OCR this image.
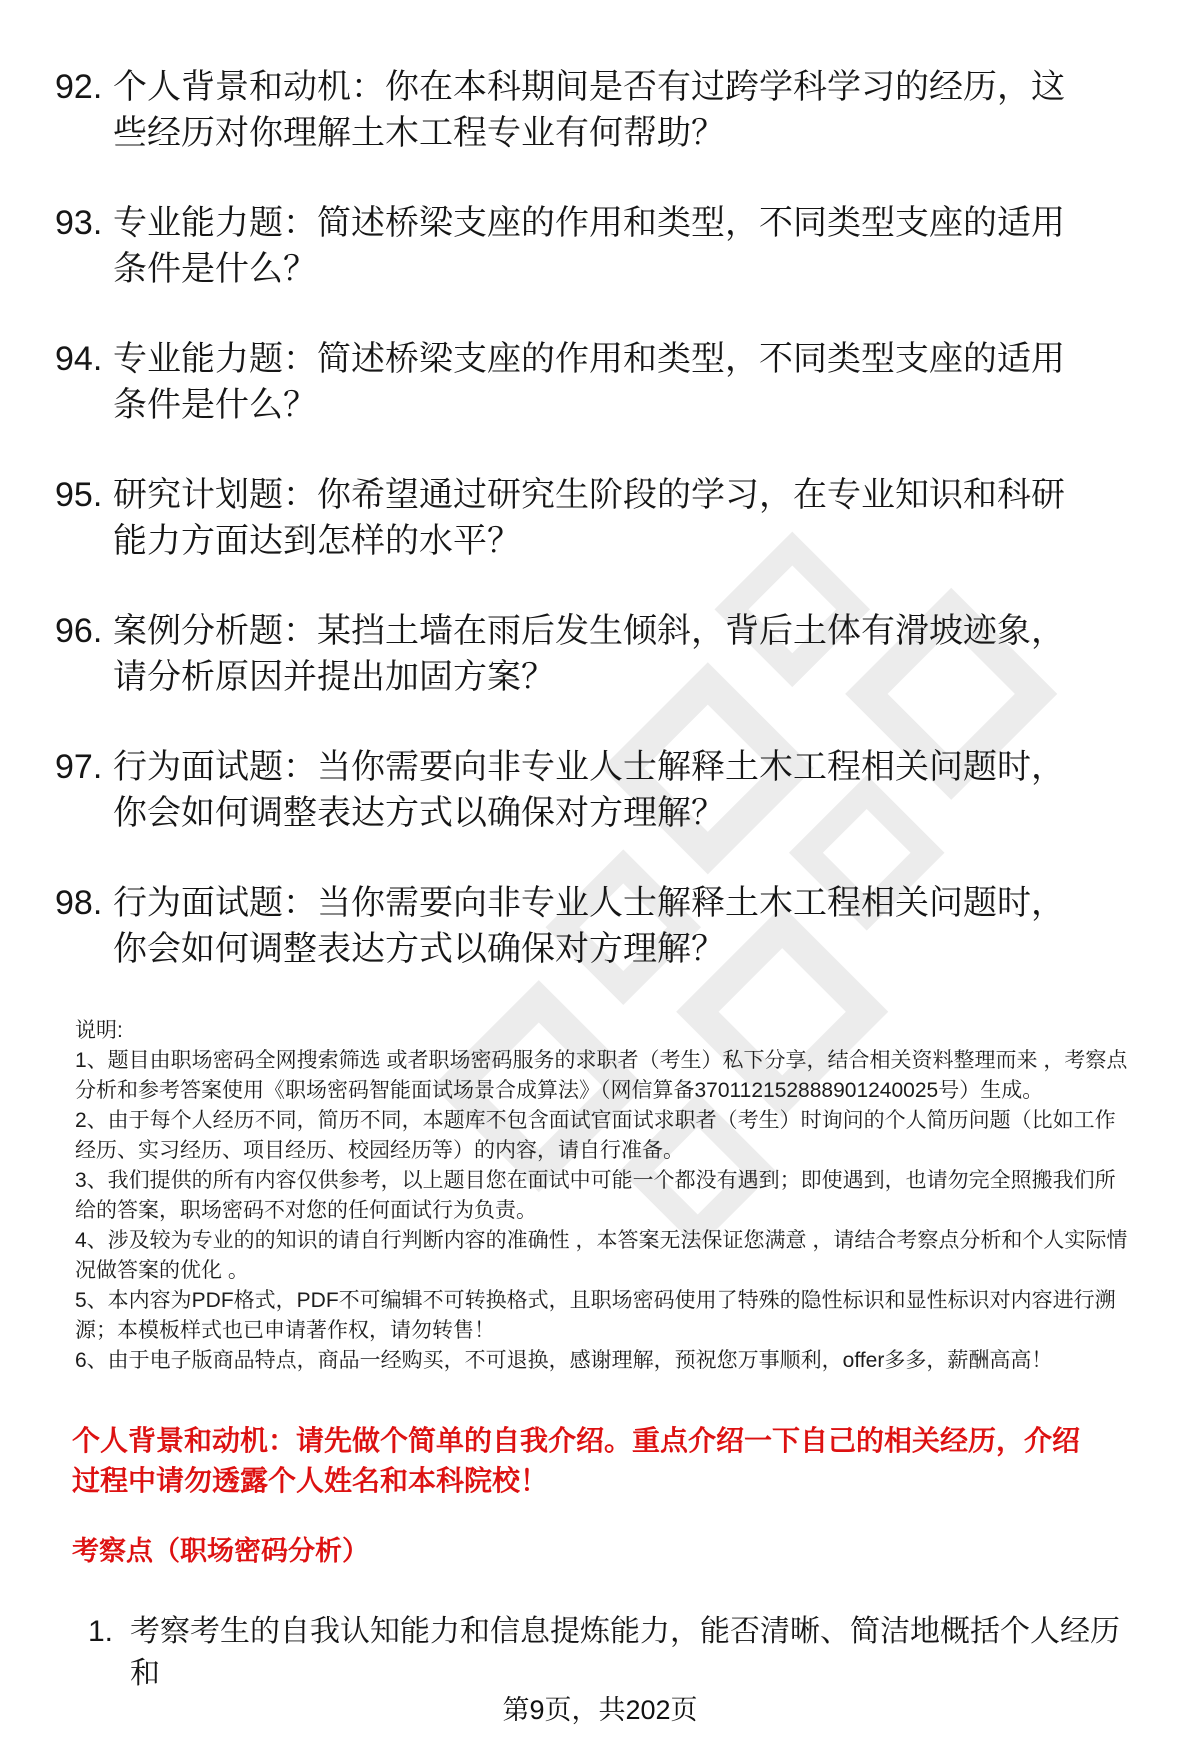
92. 个人背景和动机：你在本科期间是否有过跨学科学习的经历，这
些经历对你理解土木工程专业有何帮助？
93. 专业能力题：简述桥梁支座的作用和类型，不同类型支座的适用
条件是什么？
94. 专业能力题：简述桥梁支座的作用和类型，不同类型支座的适用
条件是什么？
95. 研究计划题：你希望通过研究生阶段的学习，在专业知识和科研
能力方面达到怎样的水平？
96. 案例分析题：某挡土墙在雨后发生倾斜，背后土体有滑坡迹象，
请分析原因并提出加固方案？
97. 行为面试题：当你需要向非专业人士解释土木工程相关问题时，
你会如何调整表达方式以确保对方理解？
98. 行为面试题：当你需要向非专业人士解释土木工程相关问题时，
你会如何调整表达方式以确保对方理解？

说明:

1、题目由职场密码全网搜索筛选 或者职场密码服务的求职者（考生）私下分享，结合相关资料整理而来 ，考察点分析和参考答案使用《职场密码智能面试场景合成算法》（网信算备370112152888901240025号）生成。

2、由于每个人经历不同，简历不同，本题库不包含面试官面试求职者（考生）时询问的个人简历问题（比如工作经历、实习经历、项目经历、校园经历等）的内容，请自行准备。

3、我们提供的所有内容仅供参考，以上题目您在面试中可能一个都没有遇到；即使遇到，也请勿完全照搬我们所给的答案，职场密码不对您的任何面试行为负责。

4、涉及较为专业的的知识的请自行判断内容的准确性 ，本答案无法保证您满意 ，请结合考察点分析和个人实际情况做答案的优化 。

5、本内容为PDF格式，PDF不可编辑不可转换格式，且职场密码使用了特殊的隐性标识和显性标识对内容进行溯源；本模板样式也已申请著作权，请勿转售！

6、由于电子版商品特点，商品一经购买，不可退换，感谢理解，预祝您万事顺利，offer多多，薪酬高高！

个人背景和动机：请先做个简单的自我介绍。重点介绍一下自己的相关经历，介绍
过程中请勿透露个人姓名和本科院校！
考察点（职场密码分析）
1. 考察考生的自我认知能力和信息提炼能力，能否清晰、简洁地概括个人经历和
第9页，共202页
